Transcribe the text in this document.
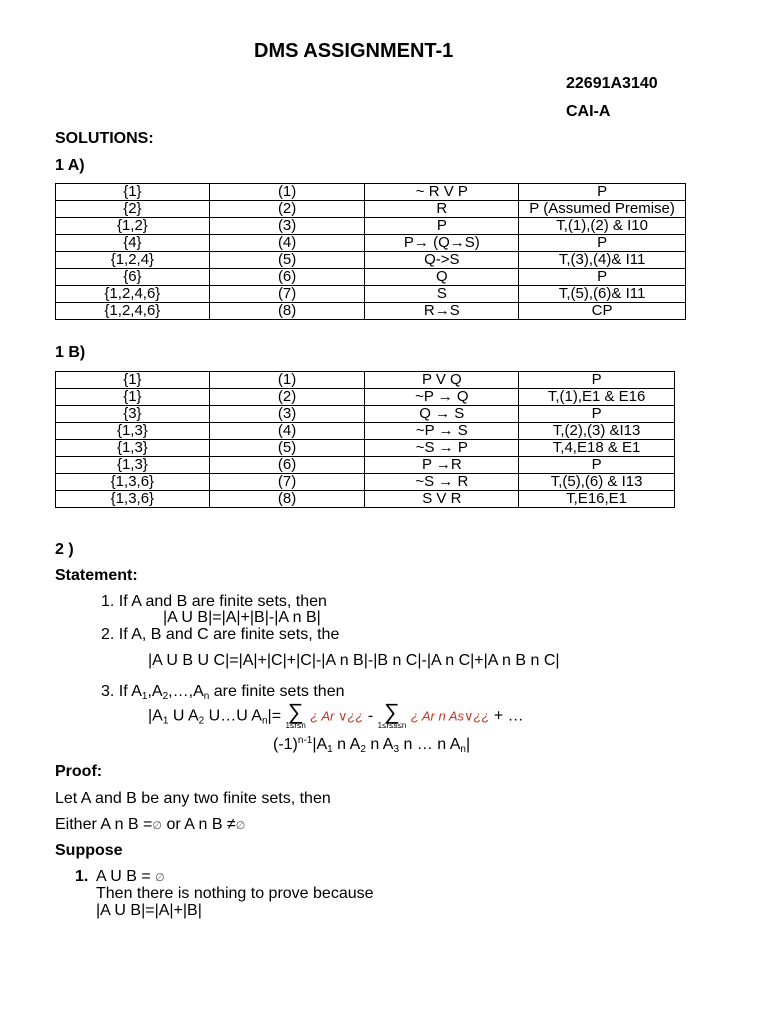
DMS ASSIGNMENT-1
22691A3140
CAI-A
SOLUTIONS:
1 A)
{1}	(1)	~ R V P	P
{2}	(2)	R	P (Assumed Premise)
{1,2}	(3)	P	T,(1),(2) & I10
{4}	(4)	P→ (Q→S)	P
{1,2,4}	(5)	Q->S	T,(3),(4)& I11
{6}	(6)	Q	P
{1,2,4,6}	(7)	S	T,(5),(6)& I11
{1,2,4,6}	(8)	R→S	CP
1 B)
{1}	(1)	P V Q	P
{1}	(2)	~P → Q	T,(1),E1 & E16
{3}	(3)	Q → S	P
{1,3}	(4)	~P → S	T,(2),(3) &I13
{1,3}	(5)	~S → P	T,4,E18 & E1
{1,3}	(6)	P →R	P
{1,3,6}	(7)	~S → R	T,(5),(6) & I13
{1,3,6}	(8)	S V R	T,E16,E1
2 )
Statement:
1. If A and B are finite sets, then
|A U B|=|A|+|B|-|A n B|
2. If A, B and C are finite sets, the
|A U B U C|=|A|+|C|+|C|-|A n B|-|B n C|-|A n C|+|A n B n C|
3. If $A_1,A_2,\dots,A_n$ are finite sets then
$|A_1$ U $A_2$ U…U $A_n|=$ ∑
1≤r≤n
¿ Ar ∨¿¿ - ∑
1≤r≤s≤n
¿ Ar n As∨¿¿ + …
$(-1)^{n-1}|A_1$ n $A_2$ n $A_3$ n … n $A_n|$
Proof:
Let A and B be any two finite sets, then
Either A n B =∅ or A n B ≠∅
Suppose
1. A U B = ∅
Then there is nothing to prove because
|A U B|=|A|+|B|
